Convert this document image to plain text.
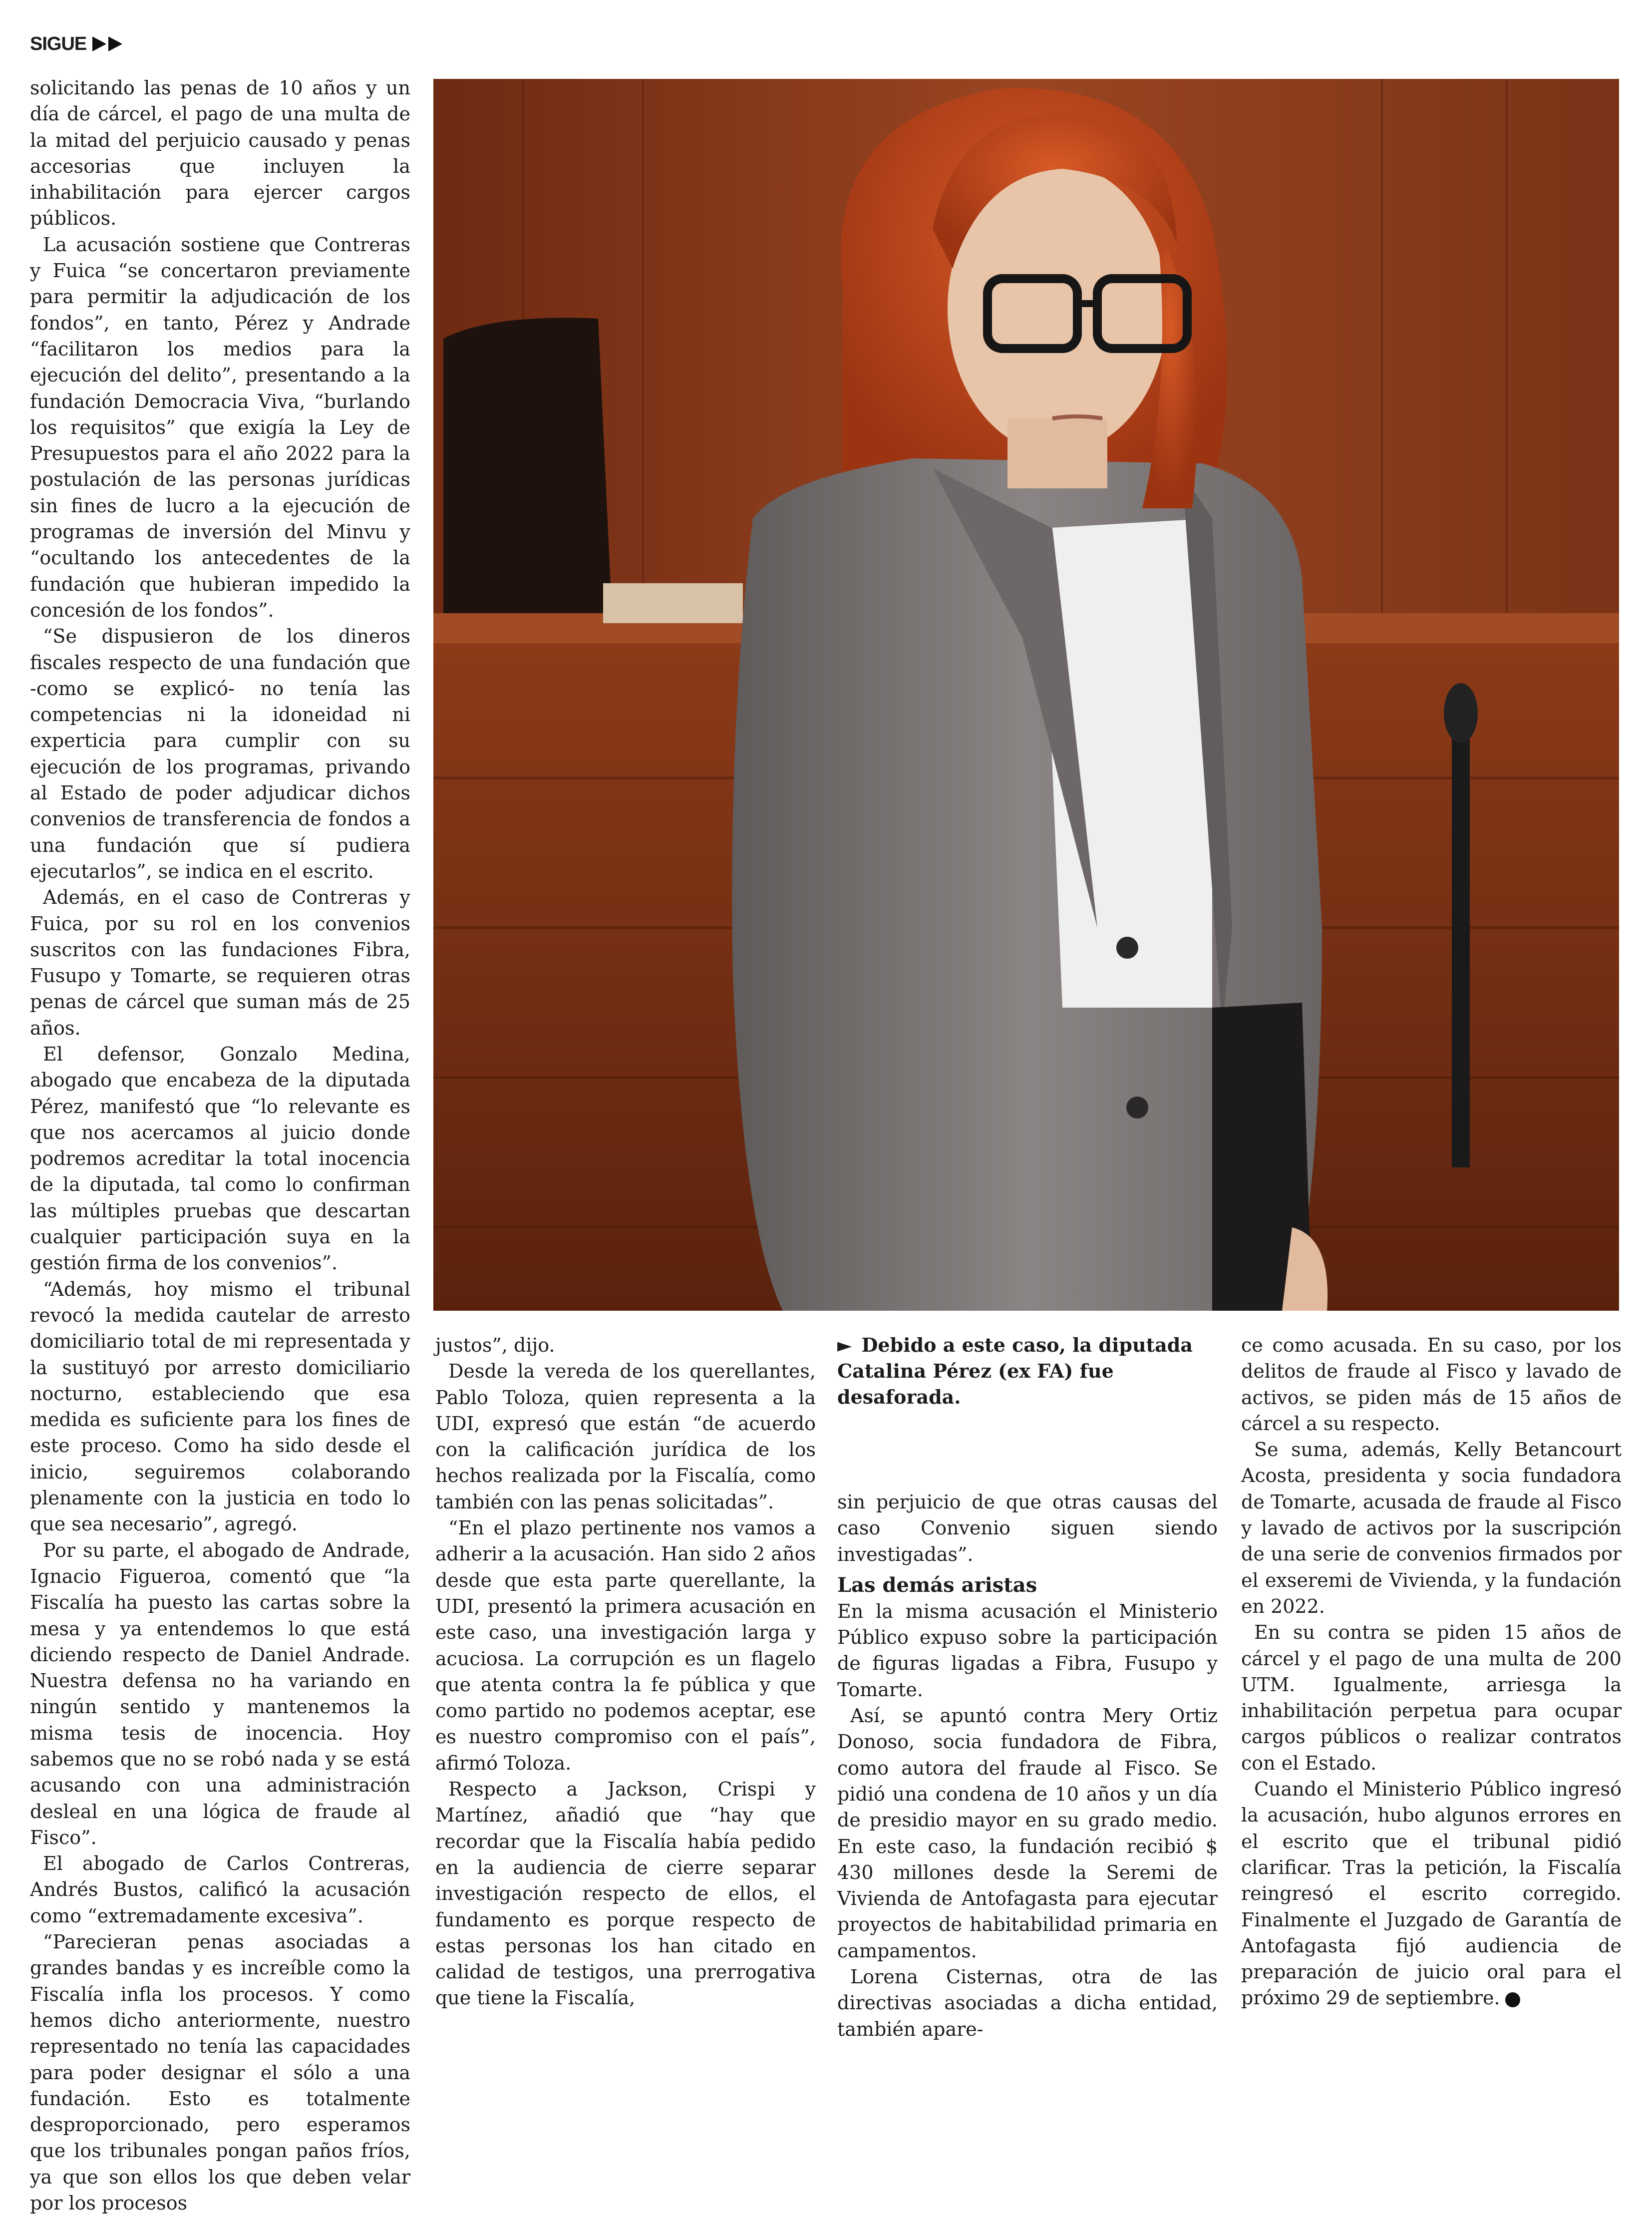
SIGUE

solicitando las penas de 10 años y un día de cárcel, el pago de una multa de la mitad del perjuicio causado y penas accesorias que incluyen la inhabilitación para ejercer cargos públicos.

La acusación sostiene que Contreras y Fuica “se concertaron previamente para permitir la adjudicación de los fondos”, en tanto, Pérez y Andrade “facilitaron los medios para la ejecución del delito”, presentando a la fundación Democracia Viva, “burlando los requisitos” que exigía la Ley de Presupuestos para el año 2022 para la postulación de las personas jurídicas sin fines de lucro a la ejecución de programas de inversión del Minvu y “ocultando los antecedentes de la fundación que hubieran impedido la concesión de los fondos”.

“Se dispusieron de los dineros fiscales respecto de una fundación que -como se explicó- no tenía las competencias ni la idoneidad ni experticia para cumplir con su ejecución de los programas, privando al Estado de poder adjudicar dichos convenios de transferencia de fondos a una fundación que sí pudiera ejecutarlos”, se indica en el escrito.

Además, en el caso de Contreras y Fuica, por su rol en los convenios suscritos con las fundaciones Fibra, Fusupo y Tomarte, se requieren otras penas de cárcel que suman más de 25 años.

El defensor, Gonzalo Medina, abogado que encabeza de la diputada Pérez, manifestó que “lo relevante es que nos acercamos al juicio donde podremos acreditar la total inocencia de la diputada, tal como lo confirman las múltiples pruebas que descartan cualquier participación suya en la gestión firma de los convenios”.

“Además, hoy mismo el tribunal revocó la medida cautelar de arresto domiciliario total de mi representada y la sustituyó por arresto domiciliario nocturno, estableciendo que esa medida es suficiente para los fines de este proceso. Como ha sido desde el inicio, seguiremos colaborando plenamente con la justicia en todo lo que sea necesario”, agregó.

Por su parte, el abogado de Andrade, Ignacio Figueroa, comentó que “la Fiscalía ha puesto las cartas sobre la mesa y ya entendemos lo que está diciendo respecto de Daniel Andrade. Nuestra defensa no ha variando en ningún sentido y mantenemos la misma tesis de inocencia. Hoy sabemos que no se robó nada y se está acusando con una administración desleal en una lógica de fraude al Fisco”.

El abogado de Carlos Contreras, Andrés Bustos, calificó la acusación como “extremadamente excesiva”.

“Parecieran penas asociadas a grandes bandas y es increíble como la Fiscalía infla los procesos. Y como hemos dicho anteriormente, nuestro representado no tenía las capacidades para poder designar el sólo a una fundación. Esto es totalmente desproporcionado, pero esperamos que los tribunales pongan paños fríos, ya que son ellos los que deben velar por los procesos

► Debido a este caso, la diputada Catalina Pérez (ex FA) fue desaforada.

justos”, dijo.

Desde la vereda de los querellantes, Pablo Toloza, quien representa a la UDI, expresó que están “de acuerdo con la calificación jurídica de los hechos realizada por la Fiscalía, como también con las penas solicitadas”.

“En el plazo pertinente nos vamos a adherir a la acusación. Han sido 2 años desde que esta parte querellante, la UDI, presentó la primera acusación en este caso, una investigación larga y acuciosa. La corrupción es un flagelo que atenta contra la fe pública y que como partido no podemos aceptar, ese es nuestro compromiso con el país”, afirmó Toloza.

Respecto a Jackson, Crispi y Martínez, añadió que “hay que recordar que la Fiscalía había pedido en la audiencia de cierre separar investigación respecto de ellos, el fundamento es porque respecto de estas personas los han citado en calidad de testigos, una prerrogativa que tiene la Fiscalía,

sin perjuicio de que otras causas del caso Convenio siguen siendo investigadas”.

Las demás aristas

En la misma acusación el Ministerio Público expuso sobre la participación de figuras ligadas a Fibra, Fusupo y Tomarte.

Así, se apuntó contra Mery Ortiz Donoso, socia fundadora de Fibra, como autora del fraude al Fisco. Se pidió una condena de 10 años y un día de presidio mayor en su grado medio. En este caso, la fundación recibió $ 430 millones desde la Seremi de Vivienda de Antofagasta para ejecutar proyectos de habitabilidad primaria en campamentos.

Lorena Cisternas, otra de las directivas asociadas a dicha entidad, también apare-

ce como acusada. En su caso, por los delitos de fraude al Fisco y lavado de activos, se piden más de 15 años de cárcel a su respecto.

Se suma, además, Kelly Betancourt Acosta, presidenta y socia fundadora de Tomarte, acusada de fraude al Fisco y lavado de activos por la suscripción de una serie de convenios firmados por el exseremi de Vivienda, y la fundación en 2022.

En su contra se piden 15 años de cárcel y el pago de una multa de 200 UTM. Igualmente, arriesga la inhabilitación perpetua para ocupar cargos públicos o realizar contratos con el Estado.

Cuando el Ministerio Público ingresó la acusación, hubo algunos errores en el escrito que el tribunal pidió clarificar. Tras la petición, la Fiscalía reingresó el escrito corregido. Finalmente el Juzgado de Garantía de Antofagasta fijó audiencia de preparación de juicio oral para el próximo 29 de septiembre.
